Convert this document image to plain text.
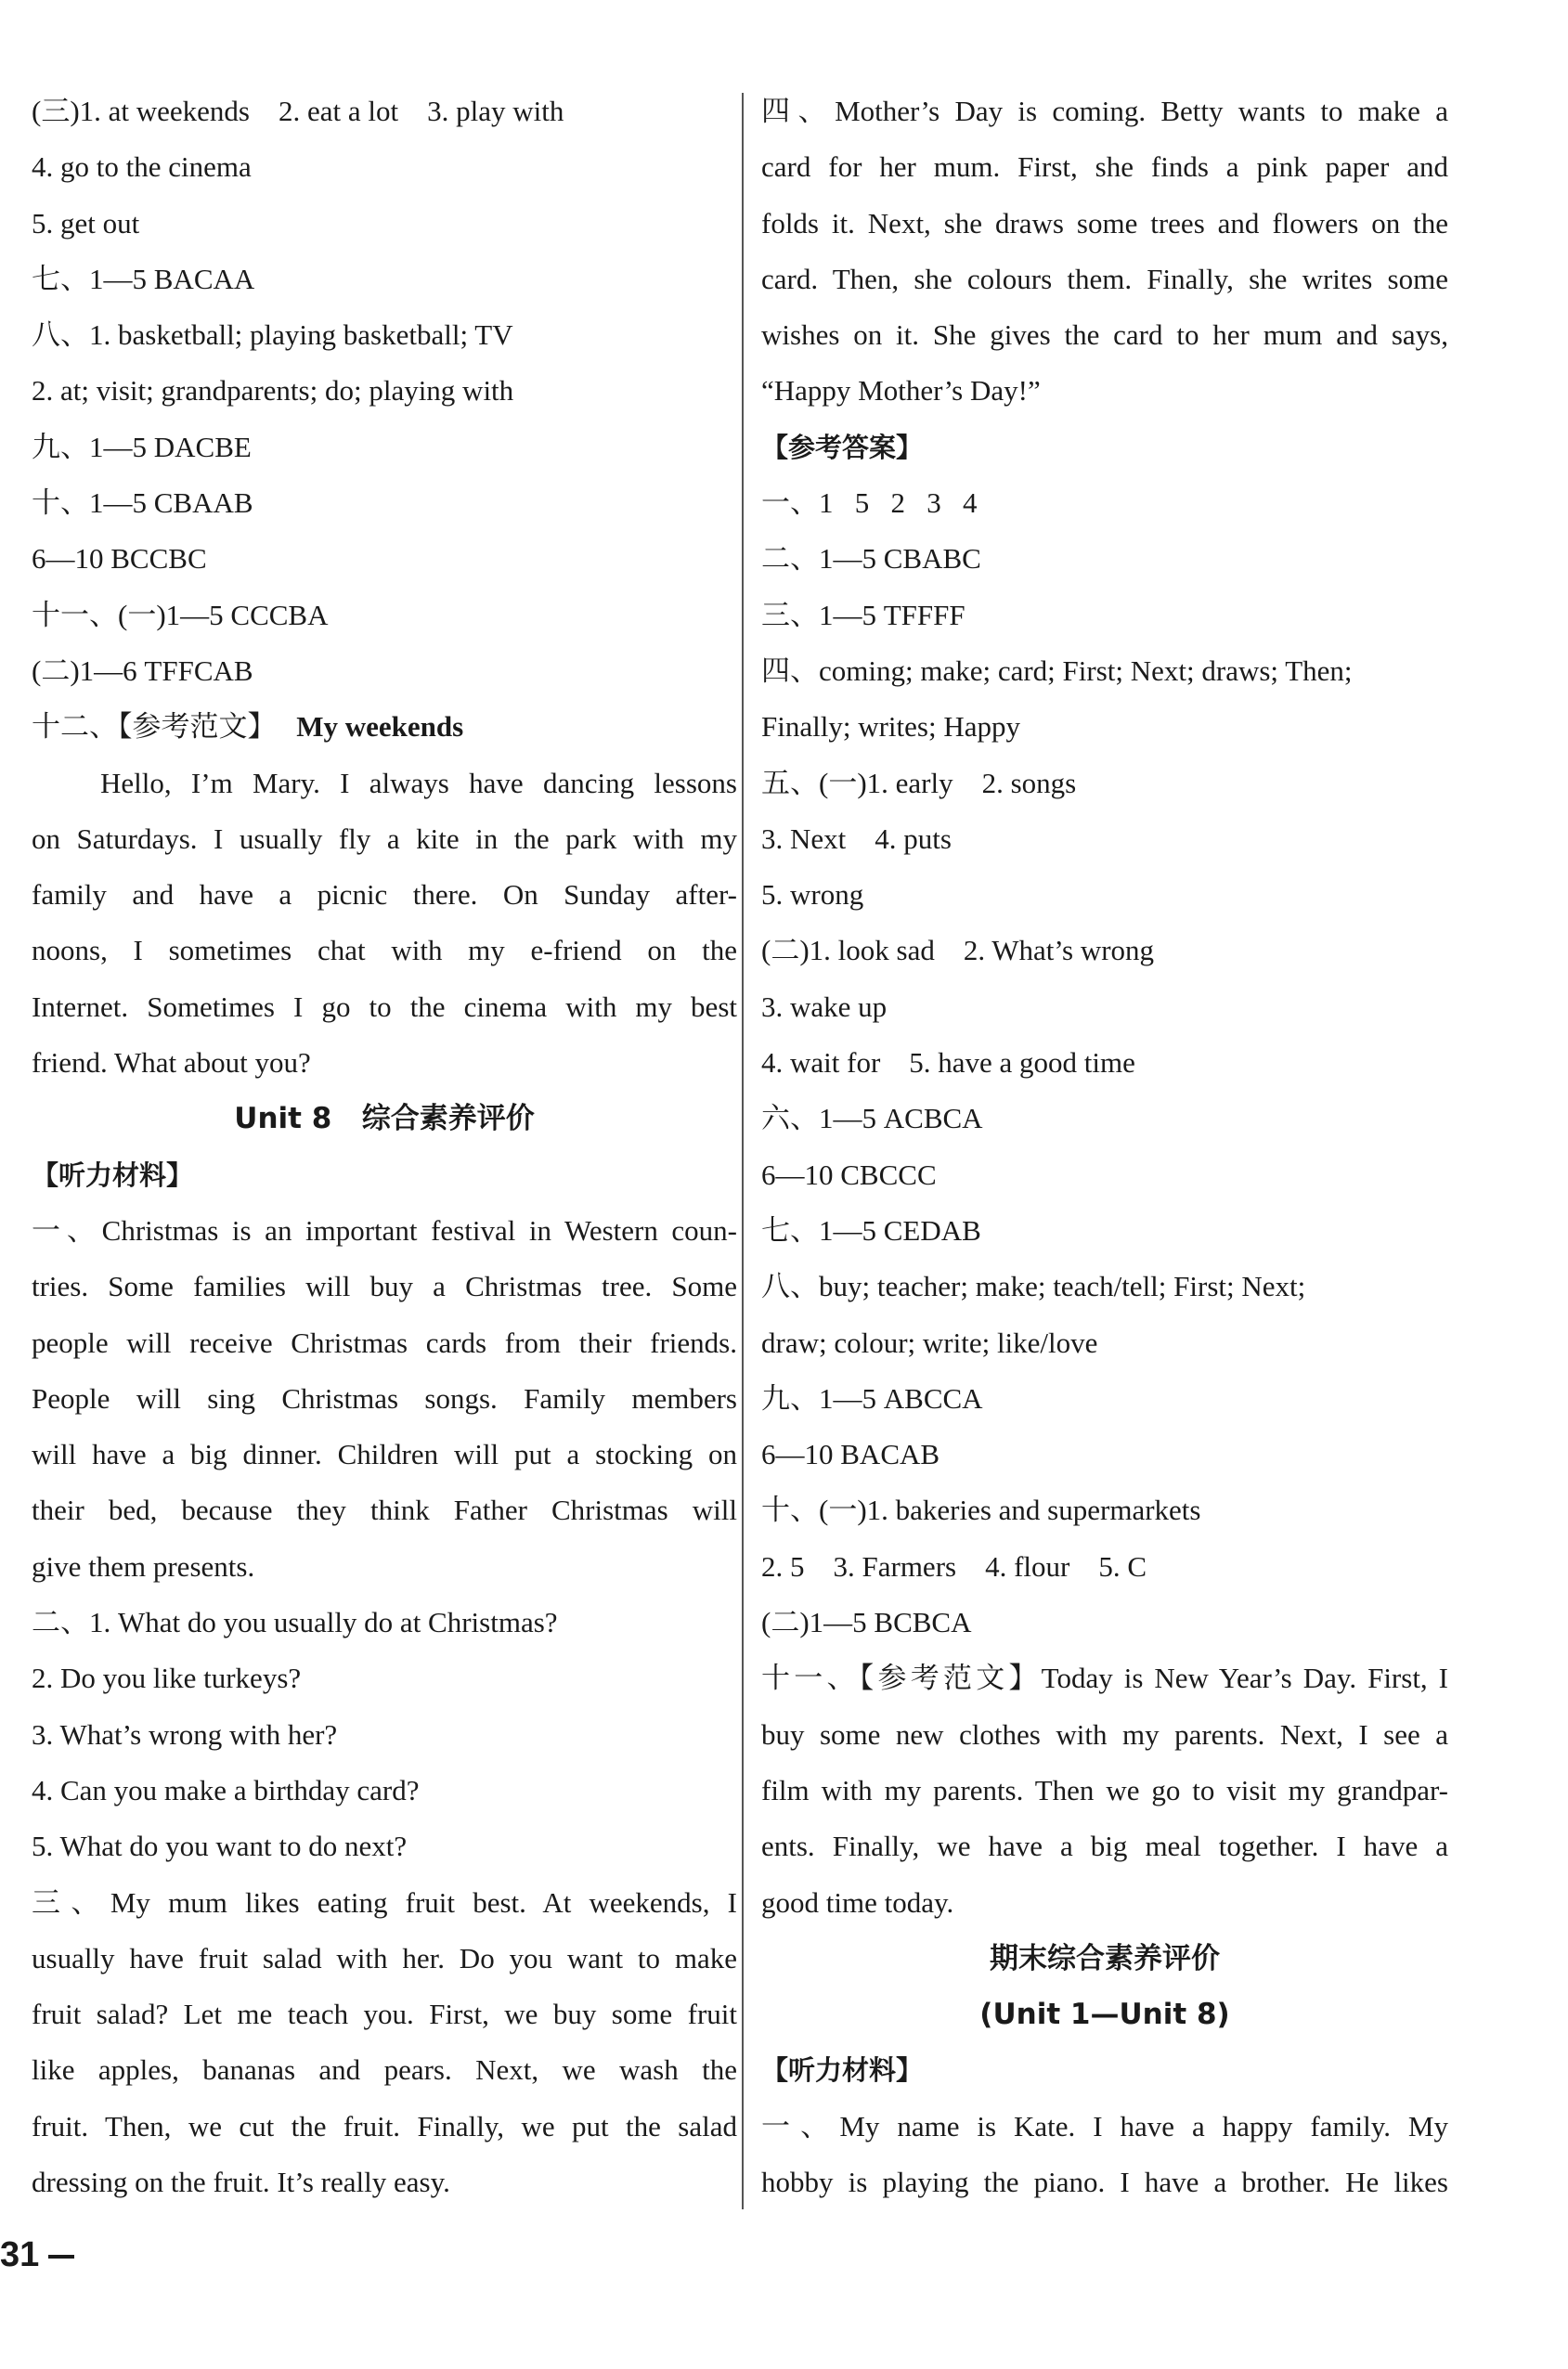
(三)1. at weekends    2. eat a lot    3. play with
4. go to the cinema
5. get out
七、1—5 BACAA
八、1. basketball; playing basketball; TV
2. at; visit; grandparents; do; playing with
九、1—5 DACBE
十、1—5 CBAAB
6—10 BCCBC
十一、(一)1—5 CCCBA
(二)1—6 TFFCAB
十二、【参考范文】 My weekends
Hello, I’m Mary. I always have dancing lessons
on Saturdays. I usually fly a kite in the park with my
family and have a picnic there. On Sunday after-
noons, I sometimes chat with my e-friend on the
Internet. Sometimes I go to the cinema with my best
friend. What about you?
Unit 8   综合素养评价
【听力材料】
一、Christmas is an important festival in Western coun-
tries. Some families will buy a Christmas tree. Some
people will receive Christmas cards from their friends.
People will sing Christmas songs. Family members
will have a big dinner. Children will put a stocking on
their bed, because they think Father Christmas will
give them presents.
二、1. What do you usually do at Christmas?
2. Do you like turkeys?
3. What’s wrong with her?
4. Can you make a birthday card?
5. What do you want to do next?
三、My mum likes eating fruit best. At weekends, I
usually have fruit salad with her. Do you want to make
fruit salad? Let me teach you. First, we buy some fruit
like apples, bananas and pears. Next, we wash the
fruit. Then, we cut the fruit. Finally, we put the salad
dressing on the fruit. It’s really easy.
四、Mother’s Day is coming. Betty wants to make a
card for her mum. First, she finds a pink paper and
folds it. Next, she draws some trees and flowers on the
card. Then, she colours them. Finally, she writes some
wishes on it. She gives the card to her mum and says,
“Happy Mother’s Day!”
【参考答案】
一、1   5   2   3   4
二、1—5 CBABC
三、1—5 TFFFF
四、coming; make; card; First; Next; draws; Then;
Finally; writes; Happy
五、(一)1. early    2. songs
3. Next    4. puts
5. wrong
(二)1. look sad    2. What’s wrong
3. wake up
4. wait for    5. have a good time
六、1—5 ACBCA
6—10 CBCCC
七、1—5 CEDAB
八、buy; teacher; make; teach/tell; First; Next;
draw; colour; write; like/love
九、1—5 ABCCA
6—10 BACAB
十、(一)1. bakeries and supermarkets
2. 5    3. Farmers    4. flour    5. C
(二)1—5 BCBCA
十一、【参考范文】Today is New Year’s Day. First, I
buy some new clothes with my parents. Next, I see a
film with my parents. Then we go to visit my grandpar-
ents. Finally, we have a big meal together. I have a
good time today.
期末综合素养评价
(Unit 1—Unit 8)
【听力材料】
一、My name is Kate. I have a happy family. My
hobby is playing the piano. I have a brother. He likes
31
